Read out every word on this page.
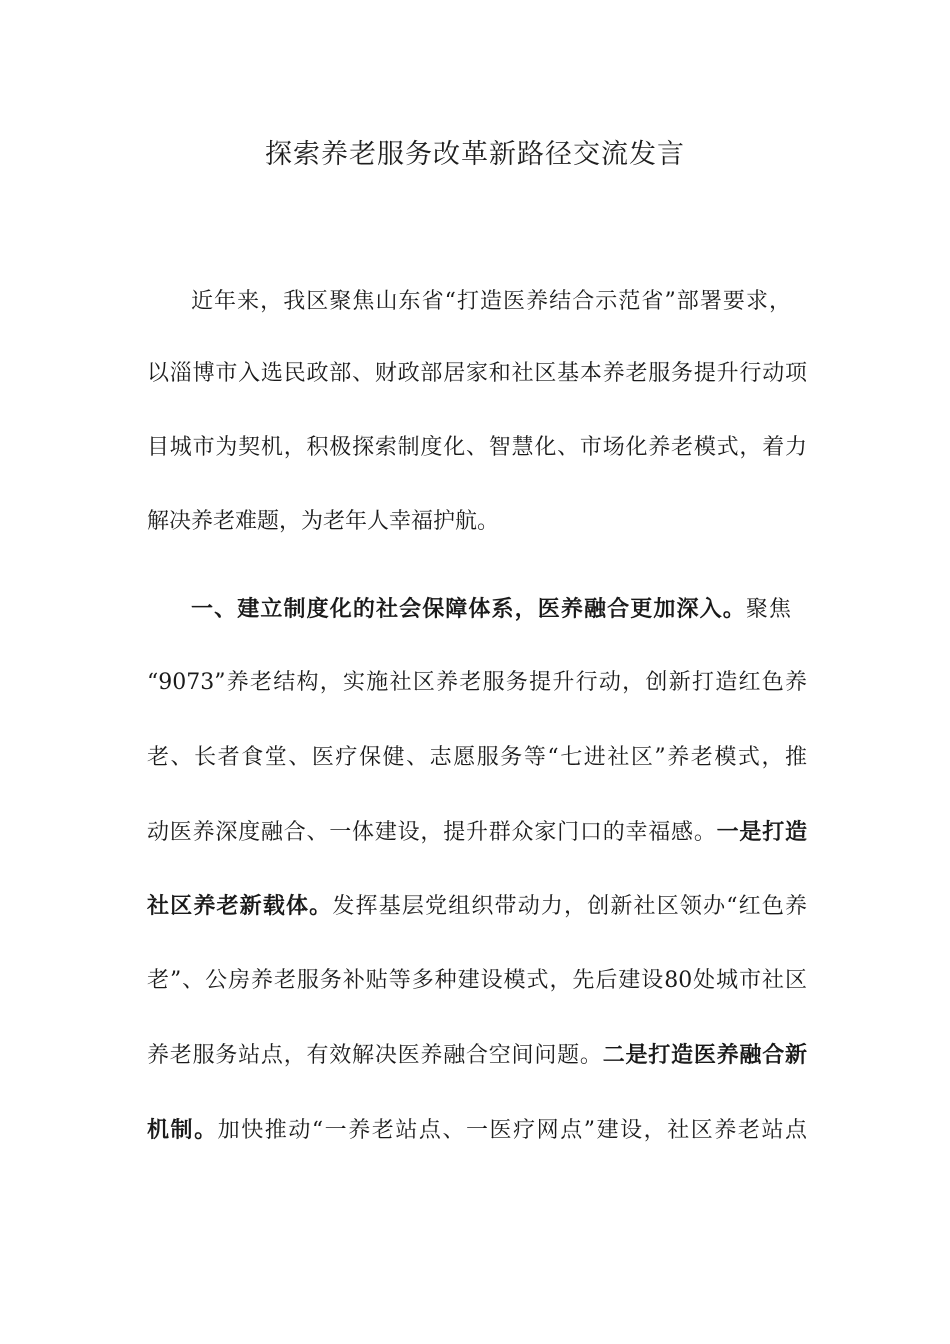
探索养老服务改革新路径交流发言
近年来，我区聚焦山东省“打造医养结合示范省”部署要求，
以淄博市入选民政部、财政部居家和社区基本养老服务提升行动项
目城市为契机，积极探索制度化、智慧化、市场化养老模式，着力
解决养老难题，为老年人幸福护航。
一、建立制度化的社会保障体系，医养融合更加深入。聚焦
“9073”养老结构，实施社区养老服务提升行动，创新打造红色养
老、长者食堂、医疗保健、志愿服务等“七进社区”养老模式，推
动医养深度融合、一体建设，提升群众家门口的幸福感。一是打造
社区养老新载体。发挥基层党组织带动力，创新社区领办“红色养
老”、公房养老服务补贴等多种建设模式，先后建设80处城市社区
养老服务站点，有效解决医养融合空间问题。二是打造医养融合新
机制。加快推动“一养老站点、一医疗网点”建设，社区养老站点
